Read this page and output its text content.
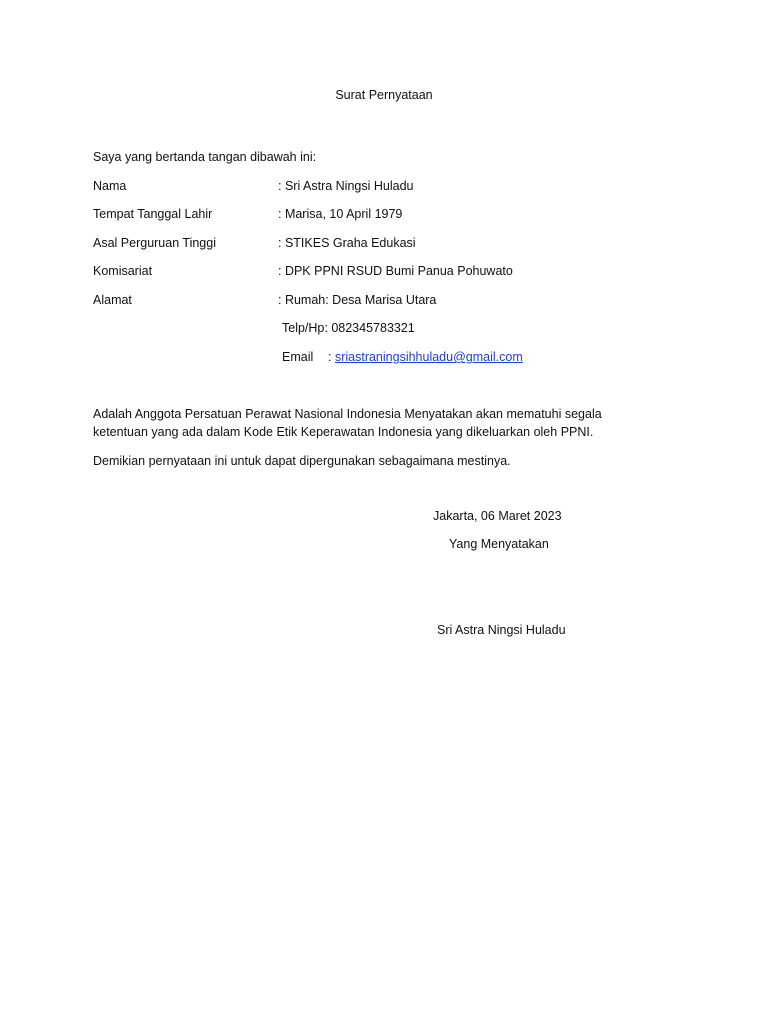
Surat Pernyataan
Saya yang bertanda tangan dibawah ini:
Nama	: Sri Astra Ningsi Huladu
Tempat Tanggal Lahir	: Marisa, 10 April 1979
Asal Perguruan Tinggi	: STIKES Graha Edukasi
Komisariat	: DPK PPNI RSUD Bumi Panua Pohuwato
Alamat	: Rumah: Desa Marisa Utara
Telp/Hp: 082345783321
Email : sriastraningsihhuladu@gmail.com
Adalah Anggota Persatuan Perawat Nasional Indonesia Menyatakan akan mematuhi segala ketentuan yang ada dalam Kode Etik Keperawatan Indonesia yang dikeluarkan oleh PPNI.
Demikian pernyataan ini untuk dapat dipergunakan sebagaimana mestinya.
Jakarta, 06 Maret 2023
Yang Menyatakan
Sri Astra Ningsi Huladu
